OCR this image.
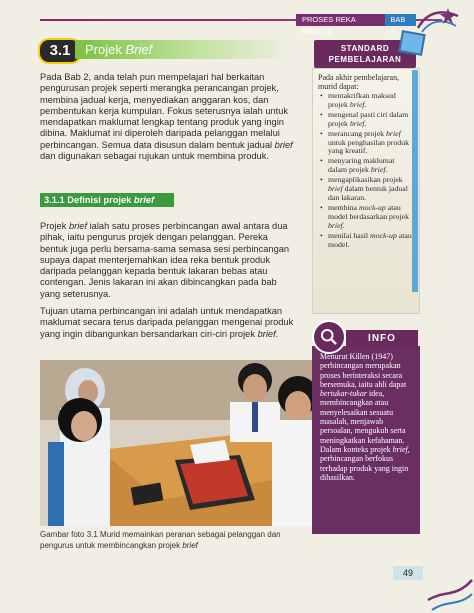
PROSES REKA BENTUK
BAB 3
3.1	Projek Brief

Pada Bab 2, anda telah pun mempelajari hal berkaitan pengurusan projek seperti merangka perancangan projek, membina jadual kerja, menyediakan anggaran kos, dan pembentukan kerja kumpulan. Fokus seterusnya ialah untuk mendapatkan maklumat lengkap tentang produk yang ingin dibina. Maklumat ini diperoleh daripada pelanggan melalui perbincangan. Semua data disusun dalam bentuk jadual brief dan digunakan sebagai rujukan untuk membina produk.

3.1.1 Definisi projek brief

Projek brief ialah satu proses perbincangan awal antara dua pihak, iaitu pengurus projek dengan pelanggan. Pereka bentuk juga perlu bersama-sama semasa sesi perbincangan supaya dapat menterjemahkan idea reka bentuk produk daripada pelanggan kepada bentuk lakaran bebas atau contengan. Jenis lakaran ini akan dibincangkan pada bab yang seterusnya.

Tujuan utama perbincangan ini adalah untuk mendapatkan maklumat secara terus daripada pelanggan mengenai produk yang ingin dibangunkan bersandarkan ciri-ciri projek brief.

Gambar foto 3.1 Murid memainkan peranan sebagai pelanggan dan pengurus untuk membincangkan projek brief
STANDARD
PEMBELAJARAN
Pada akhir pembelajaran, murid dapat:
• mentakrifkan maksud projek brief.
• mengenal pasti ciri dalam projek brief.
• merancang projek brief untuk penghasilan produk yang kreatif.
• menyaring maklumat dalam projek brief.
• mengaplikasikan projek brief dalam bentuk jadual dan lakaran.
• membina mock-up atau model berdasarkan projek brief.
• menilai hasil mock-up atau model.
INFO
Menurut Killen (1947) perbincangan merupakan proses berinteraksi secara bersemuka, iaitu ahli dapat bertukar-tukar idea, membincangkan atau menyelesaikan sesuatu masalah, menjawab persoalan, mengukuh serta meningkatkan kefahaman. Dalam konteks projek brief, perbincangan berfokus terhadap produk yang ingin dihasilkan.
49
